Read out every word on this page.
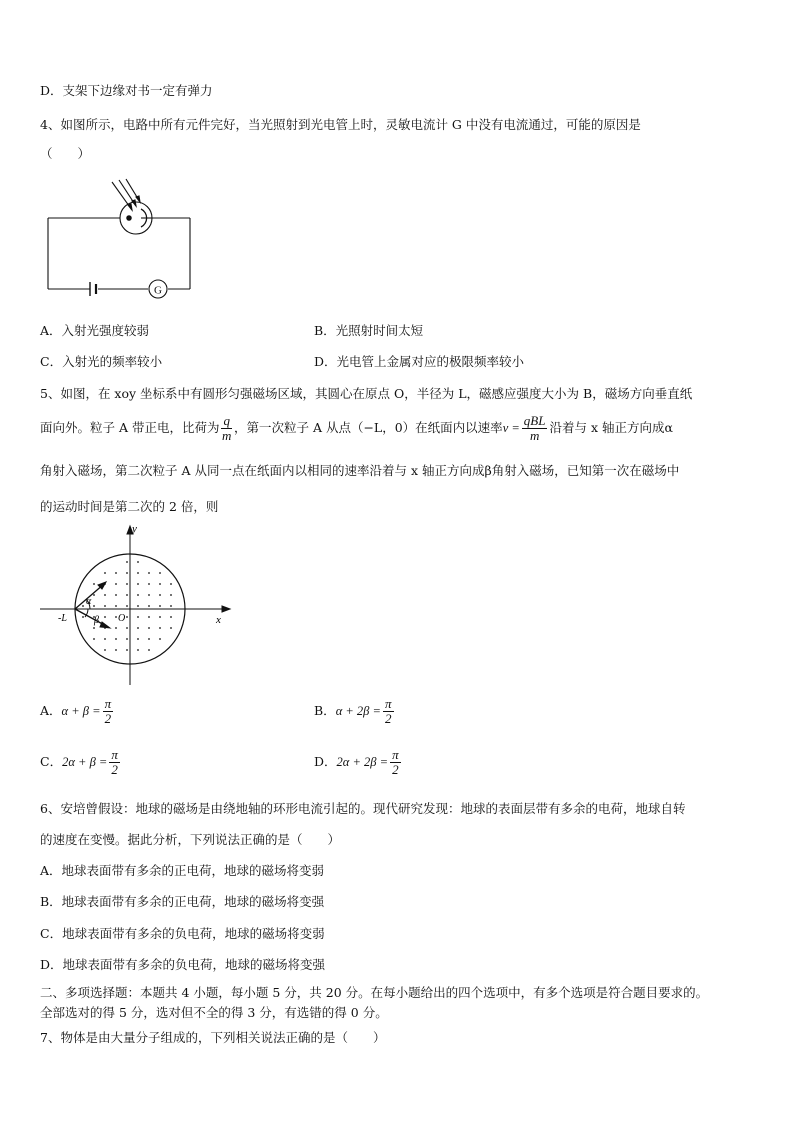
D．支架下边缘对书一定有弹力
4、如图所示，电路中所有元件完好，当光照射到光电管上时，灵敏电流计 G 中没有电流通过，可能的原因是
（　　）
G
A．入射光强度较弱	B．光照射时间太短
C．入射光的频率较小	D．光电管上金属对应的极限频率较小
5、如图，在 xoy 坐标系中有圆形匀强磁场区域，其圆心在原点 O，半径为 L，磁感应强度大小为 B，磁场方向垂直纸
面向外。粒子 A 带正电，比荷为 $\frac{q}{m}$ ，第一次粒子 A 从点（−L，0）在纸面内以速率$v = \frac{\text{qBL}}{m}$ 沿着与 x 轴正方向成α
角射入磁场，第二次粒子 A 从同一点在纸面内以相同的速率沿着与 x 轴正方向成β角射入磁场，已知第一次在磁场中
的运动时间是第二次的 2 倍，则
y
x
O
-L
α
β
A．$\alpha + \beta = \frac{\pi}{2}$	B．$\alpha + 2\beta = \frac{\pi}{2}$
C．$2\alpha + \beta = \frac{\pi}{2}$	D．$2\alpha + 2\beta = \frac{\pi}{2}$
6、安培曾假设：地球的磁场是由绕地轴的环形电流引起的。现代研究发现：地球的表面层带有多余的电荷，地球自转
的速度在变慢。据此分析，下列说法正确的是（　　）
A．地球表面带有多余的正电荷，地球的磁场将变弱
B．地球表面带有多余的正电荷，地球的磁场将变强
C．地球表面带有多余的负电荷，地球的磁场将变弱
D．地球表面带有多余的负电荷，地球的磁场将变强
二、多项选择题：本题共 4 小题，每小题 5 分，共 20 分。在每小题给出的四个选项中，有多个选项是符合题目要求的。
全部选对的得 5 分，选对但不全的得 3 分，有选错的得 0 分。
7、物体是由大量分子组成的，下列相关说法正确的是（　　）
